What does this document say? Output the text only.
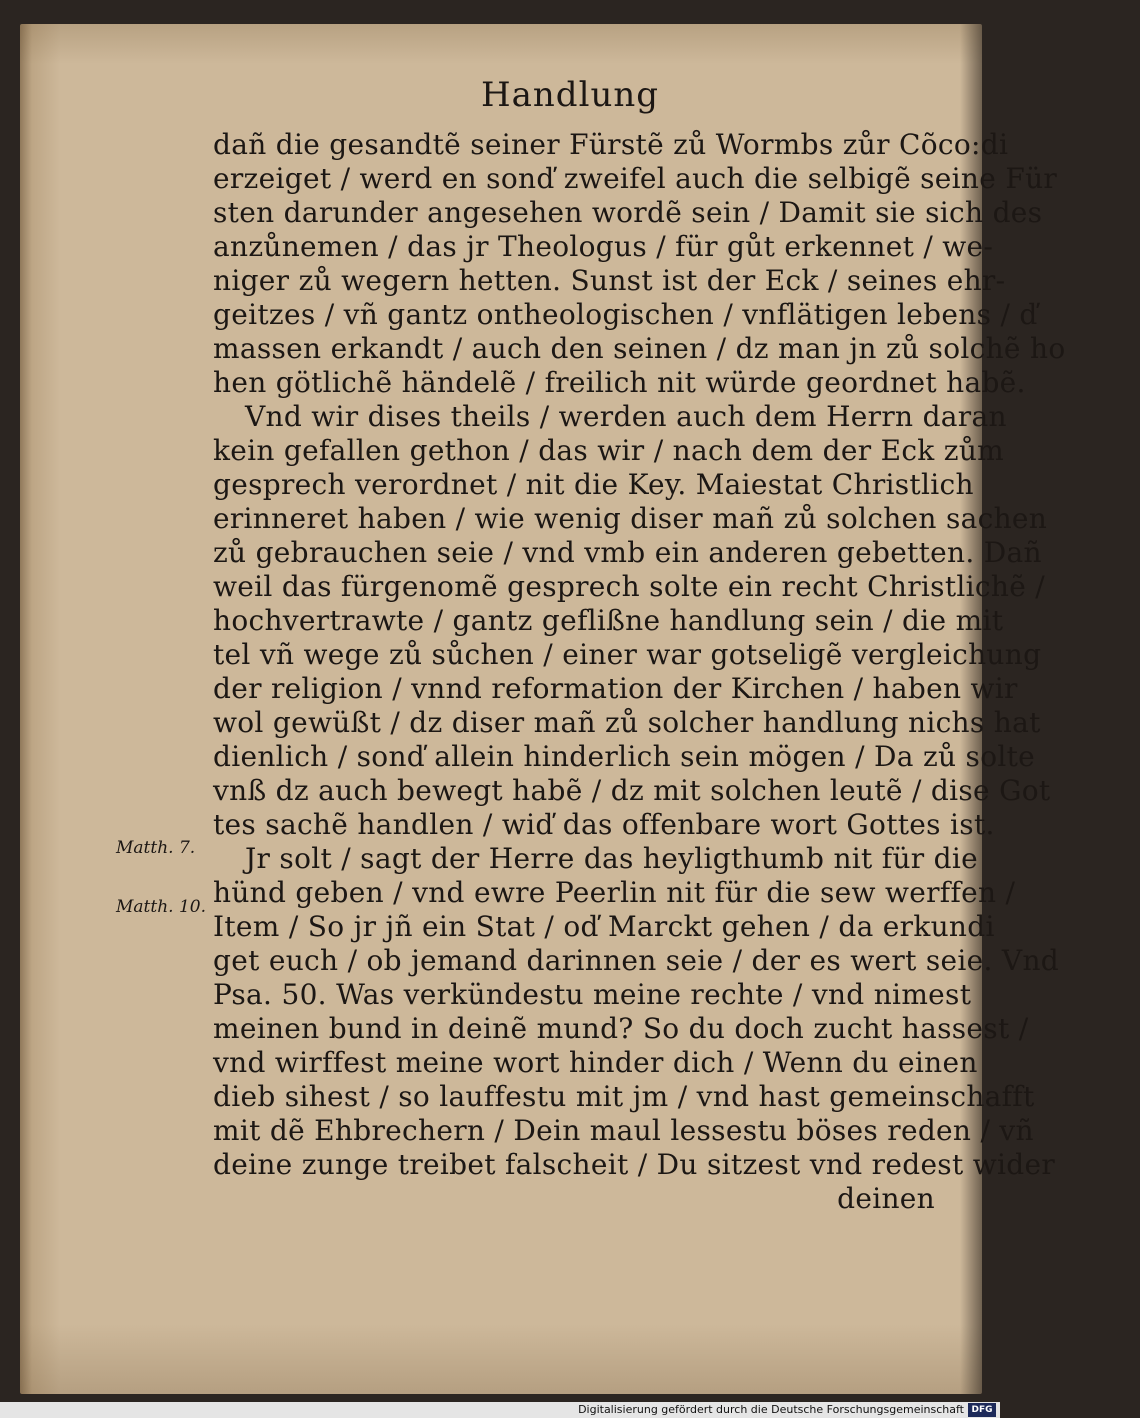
Handlung
dañ die gesandtẽ seiner Fürstẽ zů Wormbs zůr Cõco:di
erzeiget / werd en sonď zweifel auch die selbigẽ seine Für
sten darunder angesehen wordẽ sein / Damit sie sich des
anzůnemen / das jr Theologus / für gůt erkennet / we-
niger zů wegern hetten. Sunst ist der Eck / seines ehr-
geitzes / vñ gantz ontheologischen / vnflätigen lebens / ď
massen erkandt / auch den seinen / dz man jn zů solchẽ ho
hen götlichẽ händelẽ / freilich nit würde geordnet habẽ.
Vnd wir dises theils / werden auch dem Herrn daran
kein gefallen gethon / das wir / nach dem der Eck zům
gesprech verordnet / nit die Key. Maiestat Christlich
erinneret haben / wie wenig diser mañ zů solchen sachen
zů gebrauchen seie / vnd vmb ein anderen gebetten. Dañ
weil das fürgenomẽ gesprech solte ein recht Christlichẽ /
hochvertrawte / gantz geflißne handlung sein / die mit
tel vñ wege zů sůchen / einer war gotseligẽ vergleichung
der religion / vnnd reformation der Kirchen / haben wir
wol gewüßt / dz diser mañ zů solcher handlung nichs hat
dienlich / sonď allein hinderlich sein mögen / Da zů solte
vnß dz auch bewegt habẽ / dz mit solchen leutẽ / dise Got
tes sachẽ handlen / wiď das offenbare wort Gottes ist.
Jr solt / sagt der Herre das heyligthumb nit für die
hünd geben / vnd ewre Peerlin nit für die sew werffen /
Item / So jr jñ ein Stat / oď Marckt gehen / da erkundi
get euch / ob jemand darinnen seie / der es wert seie. Vnd
Psa. 50. Was verkündestu meine rechte / vnd nimest
meinen bund in deinẽ mund? So du doch zucht hassest /
vnd wirffest meine wort hinder dich / Wenn du einen
dieb sihest / so lauffestu mit jm / vnd hast gemeinschafft
mit dẽ Ehbrechern / Dein maul lessestu böses reden / vñ
deine zunge treibet falscheit / Du sitzest vnd redest wider
deinen
Matth. 7.
Matth. 10.
Digitalisierung gefördert durch die Deutsche Forschungsgemeinschaft DFG
